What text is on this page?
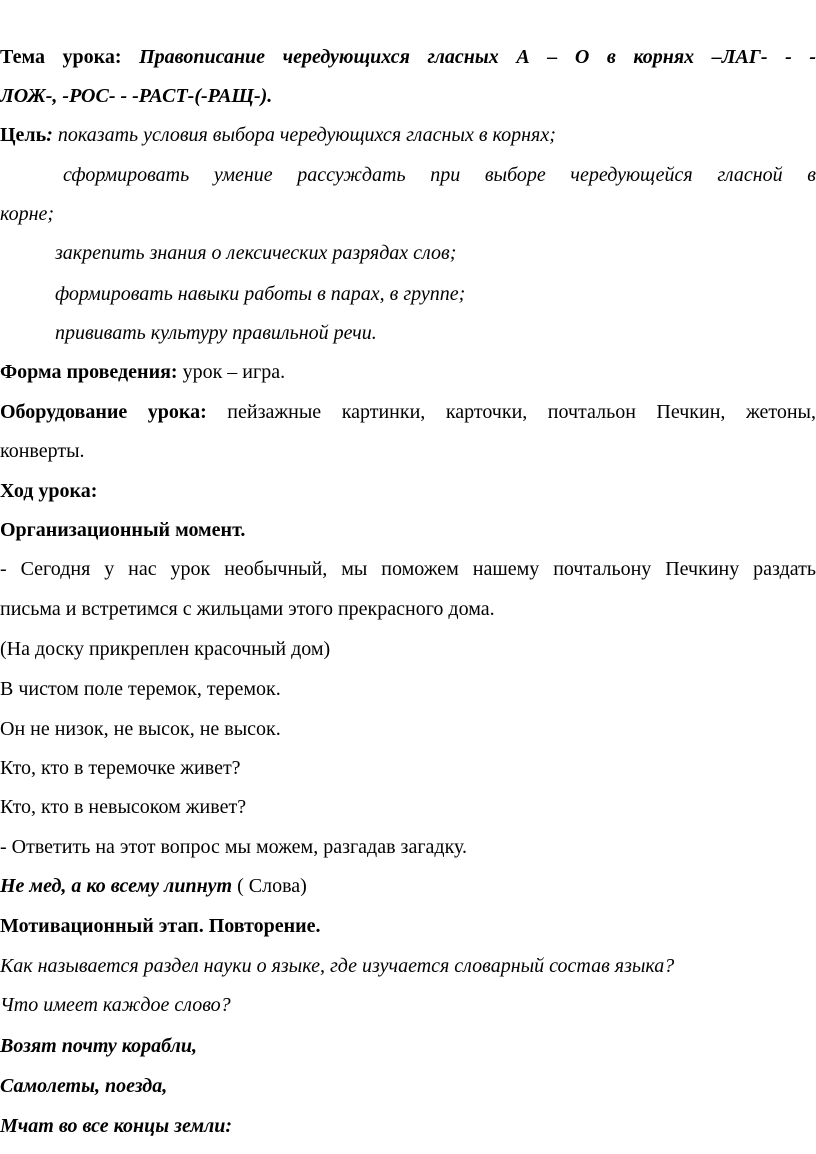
Тема урока: Правописание чередующихся гласных А – О в корнях –ЛАГ- - -
ЛОЖ-, -РОС- - -РАСТ-(-РАЩ-).
Цель: показать условия выбора чередующихся гласных в корнях;
сформировать умение рассуждать при выборе чередующейся гласной в
корне;
закрепить знания о лексических разрядах слов;
формировать навыки работы в парах, в группе;
прививать культуру правильной речи.
Форма проведения: урок – игра.
Оборудование урока: пейзажные картинки, карточки, почтальон Печкин, жетоны,
конверты.
Ход урока:
Организационный момент.
- Сегодня у нас урок необычный, мы поможем нашему почтальону Печкину раздать
письма и встретимся с жильцами этого прекрасного дома.
(На доску прикреплен красочный дом)
В чистом поле теремок, теремок.
Он не низок, не высок, не высок.
Кто, кто в теремочке живет?
Кто, кто в невысоком живет?
- Ответить на этот вопрос мы можем, разгадав загадку.
Не мед, а ко всему липнут ( Слова)
Мотивационный этап. Повторение.
Как называется раздел науки о языке, где изучается словарный состав языка?
Что имеет каждое слово?
Возят почту корабли,
Самолеты, поезда,
Мчат во все концы земли:
